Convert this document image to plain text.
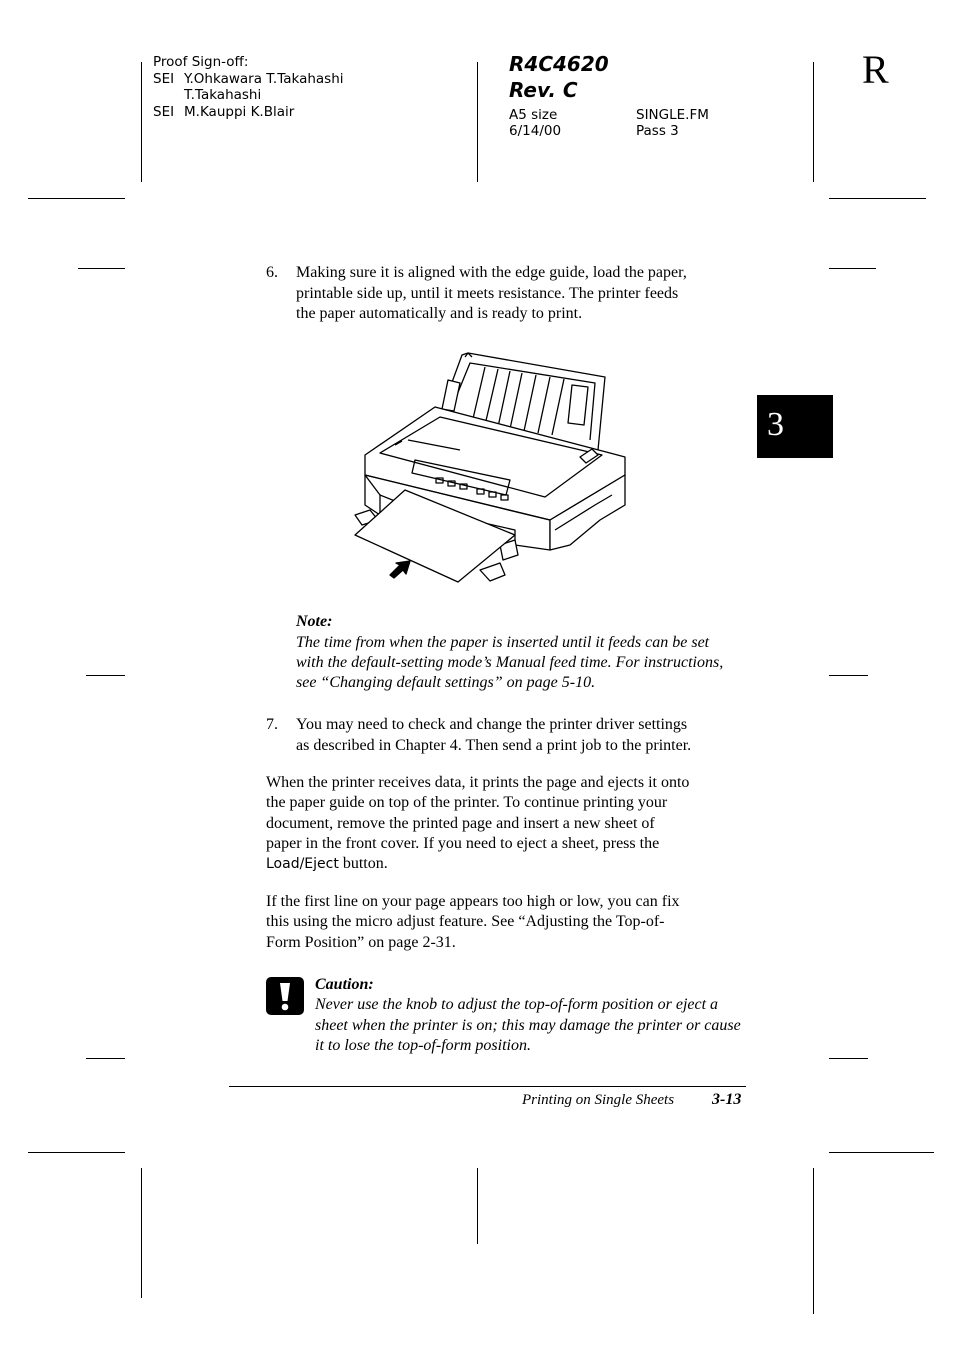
Proof Sign-off:
SEI Y.Ohkawara T.Takahashi
T.Takahashi
SEI M.Kauppi K.Blair
R4C4620
Rev. C
A5 size
6/14/00
SINGLE.FM
Pass 3
R
3
6. Making sure it is aligned with the edge guide, load the paper,
printable side up, until it meets resistance. The printer feeds
the paper automatically and is ready to print.
Note:
The time from when the paper is inserted until it feeds can be set
with the default-setting mode’s Manual feed time. For instructions,
see “Changing default settings” on page 5-10.
7. You may need to check and change the printer driver settings
as described in Chapter 4. Then send a print job to the printer.
When the printer receives data, it prints the page and ejects it onto
the paper guide on top of the printer. To continue printing your
document, remove the printed page and insert a new sheet of
paper in the front cover. If you need to eject a sheet, press the
Load/Eject button.
If the first line on your page appears too high or low, you can fix
this using the micro adjust feature. See “Adjusting the Top-of-
Form Position” on page 2-31.
Caution:
Never use the knob to adjust the top-of-form position or eject a
sheet when the printer is on; this may damage the printer or cause
it to lose the top-of-form position.
Printing on Single Sheets 3-13
